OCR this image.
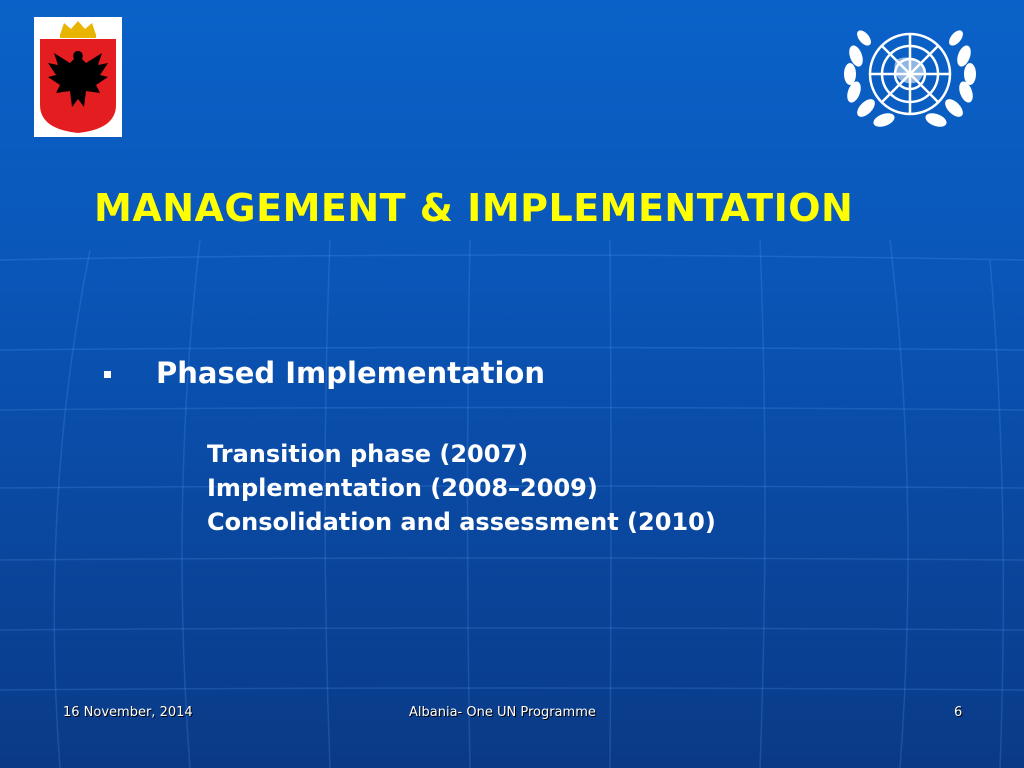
MANAGEMENT & IMPLEMENTATION
Phased Implementation
Transition phase (2007)
Implementation (2008–2009)
Consolidation and assessment (2010)
16 November, 2014	Albania- One UN Programme	6
